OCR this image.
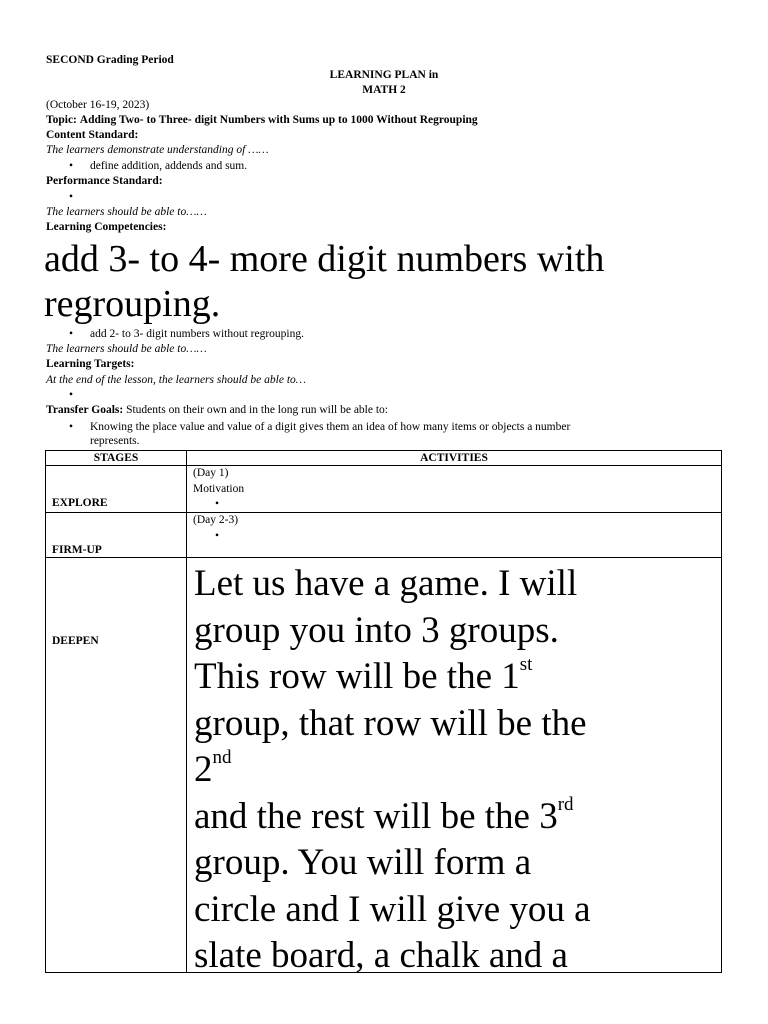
SECOND Grading Period
LEARNING PLAN in
MATH 2
(October 16-19, 2023)
Topic: Adding Two- to Three- digit Numbers with Sums up to 1000 Without Regrouping
Content Standard:
The learners demonstrate understanding of ……
• define addition, addends and sum.
Performance Standard:
The learners should be able to……
Learning Competencies:
add 3- to 4- more digit numbers with
regrouping.
• add 2- to 3- digit numbers without regrouping.
The learners should be able to……
Learning Targets:
At the end of the lesson, the learners should be able to…
Transfer Goals: Students on their own and in the long run will be able to:
• Knowing the place value and value of a digit gives them an idea of how many items or objects a number
represents.
STAGES	ACTIVITIES
EXPLORE
(Day 1)
Motivation
FIRM-UP
(Day 2-3)
DEEPEN
Let us have a game. I will
group you into 3 groups.
This row will be the 1st
group, that row will be the
2nd
and the rest will be the 3rd
group. You will form a
circle and I will give you a
slate board, a chalk and a
